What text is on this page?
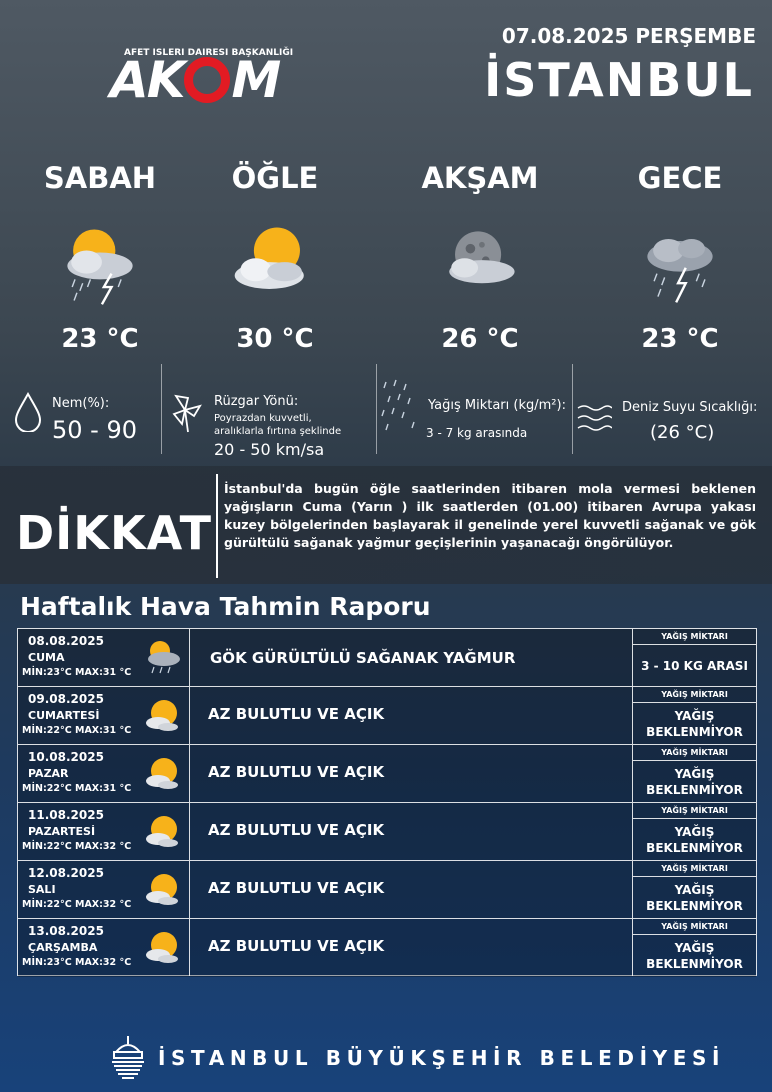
AFET ISLERI DAIRESI BAŞKANLIĞI
AK M
07.08.2025 PERŞEMBE
İSTANBUL
SABAH
23 °C
ÖĞLE
30 °C
AKŞAM
26 °C
GECE
23 °C
Nem(%):
50 - 90
Rüzgar Yönü:
Poyrazdan kuvvetli,
aralıklarla fırtına şeklinde
20 - 50 km/sa
Yağış Miktarı (kg/m²):
3 - 7 kg arasında
Deniz Suyu Sıcaklığı:
(26 °C)
DİKKAT
İstanbul'da bugün öğle saatlerinden itibaren mola vermesi beklenen yağışların Cuma (Yarın ) ilk saatlerden (01.00) itibaren Avrupa yakası kuzey bölgelerinden başlayarak il genelinde yerel kuvvetli sağanak ve gök gürültülü sağanak yağmur geçişlerinin yaşanacağı öngörülüyor.
Haftalık Hava Tahmin Raporu
08.08.2025
CUMA
MİN:23°C MAX:31 °C
GÖK GÜRÜLTÜLÜ SAĞANAK YAĞMUR
YAĞIŞ MİKTARI
3 - 10 KG ARASI
09.08.2025
CUMARTESİ
MİN:22°C MAX:31 °C
AZ BULUTLU VE AÇIK
YAĞIŞ MİKTARI
YAĞIŞ BEKLENMİYOR
10.08.2025
PAZAR
MİN:22°C MAX:31 °C
AZ BULUTLU VE AÇIK
YAĞIŞ MİKTARI
YAĞIŞ BEKLENMİYOR
11.08.2025
PAZARTESİ
MİN:22°C MAX:32 °C
AZ BULUTLU VE AÇIK
YAĞIŞ MİKTARI
YAĞIŞ BEKLENMİYOR
12.08.2025
SALI
MİN:22°C MAX:32 °C
AZ BULUTLU VE AÇIK
YAĞIŞ MİKTARI
YAĞIŞ BEKLENMİYOR
13.08.2025
ÇARŞAMBA
MİN:23°C MAX:32 °C
AZ BULUTLU VE AÇIK
YAĞIŞ MİKTARI
YAĞIŞ BEKLENMİYOR
İSTANBUL BÜYÜKŞEHİR BELEDİYESİ
